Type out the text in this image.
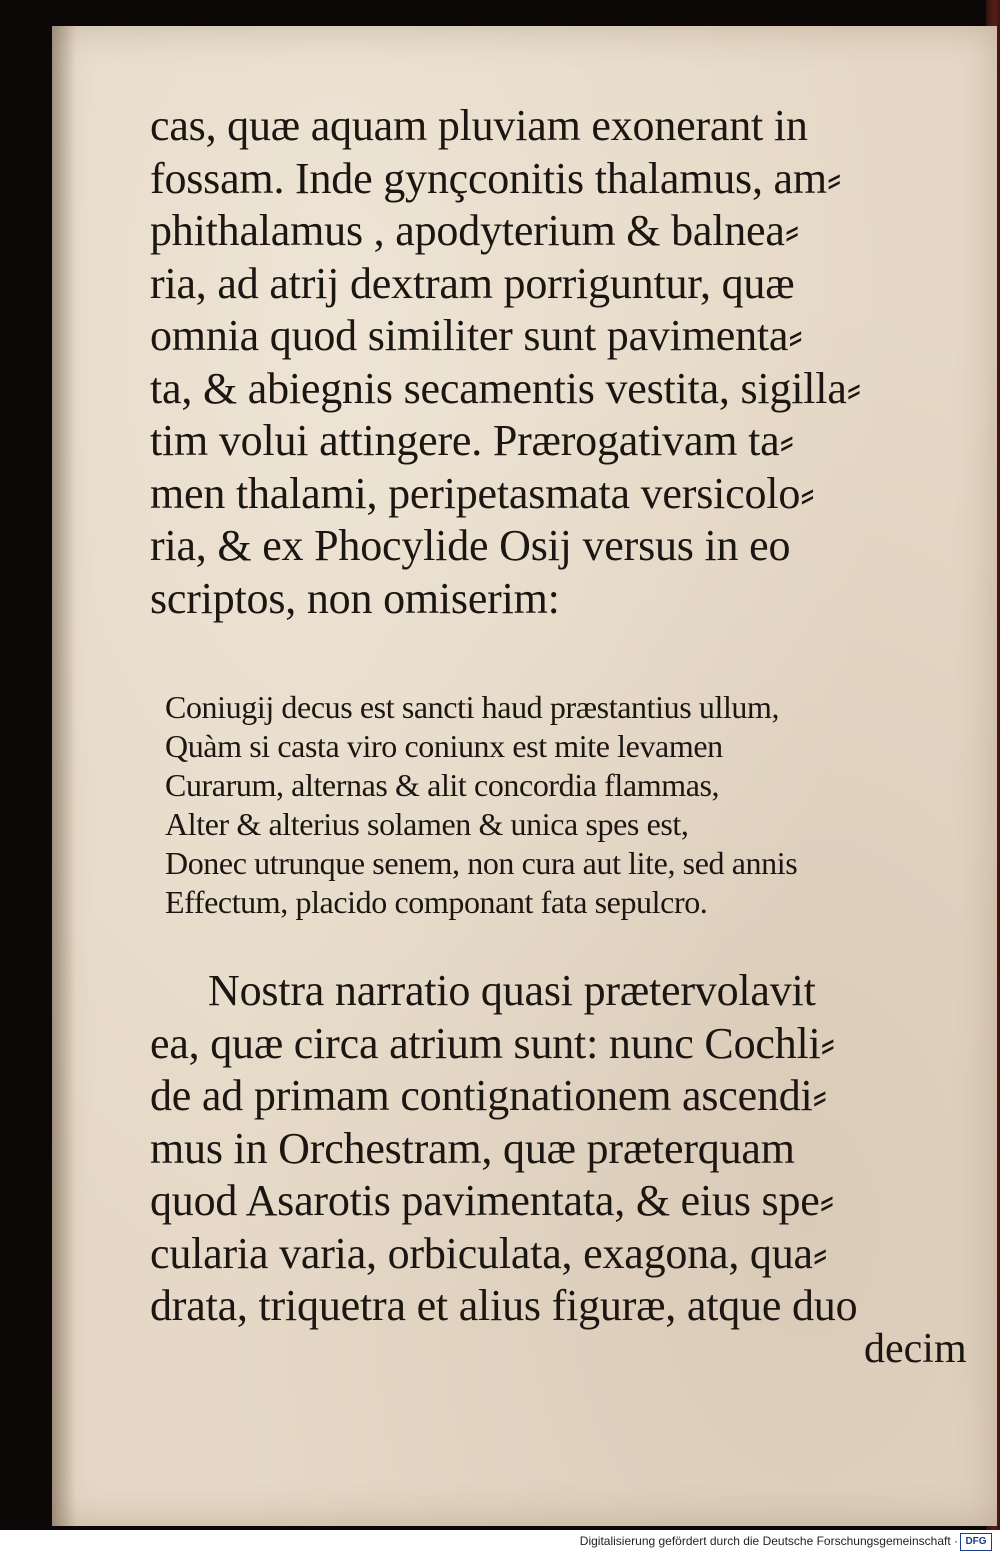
cas, quæ aquam pluviam exonerant in
fossam. Inde gynçconitis thalamus, am⸗
phithalamus , apodyterium & balnea⸗
ria, ad atrij dextram porriguntur, quæ
omnia quod similiter sunt pavimenta⸗
ta, & abiegnis secamentis vestita, sigilla⸗
tim volui attingere. Prærogativam ta⸗
men thalami, peripetasmata versicolo⸗
ria, & ex Phocylide Osij versus in eo
scriptos, non omiserim:
Coniugij decus est sancti haud præstantius ullum,
Quàm si casta viro coniunx est mite levamen
Curarum, alternas & alit concordia flammas,
Alter & alterius solamen & unica spes est,
Donec utrunque senem, non cura aut lite, sed annis
Effectum, placido componant fata sepulcro.
Nostra narratio quasi prætervolavit
ea, quæ circa atrium sunt: nunc Cochli⸗
de ad primam contignationem ascendi⸗
mus in Orchestram, quæ præterquam
quod Asarotis pavimentata, & eius spe⸗
cularia varia, orbiculata, exagona, qua⸗
drata, triquetra et alius figuræ, atque duo
decim
Digitalisierung gefördert durch die Deutsche Forschungsgemeinschaft · DFG
